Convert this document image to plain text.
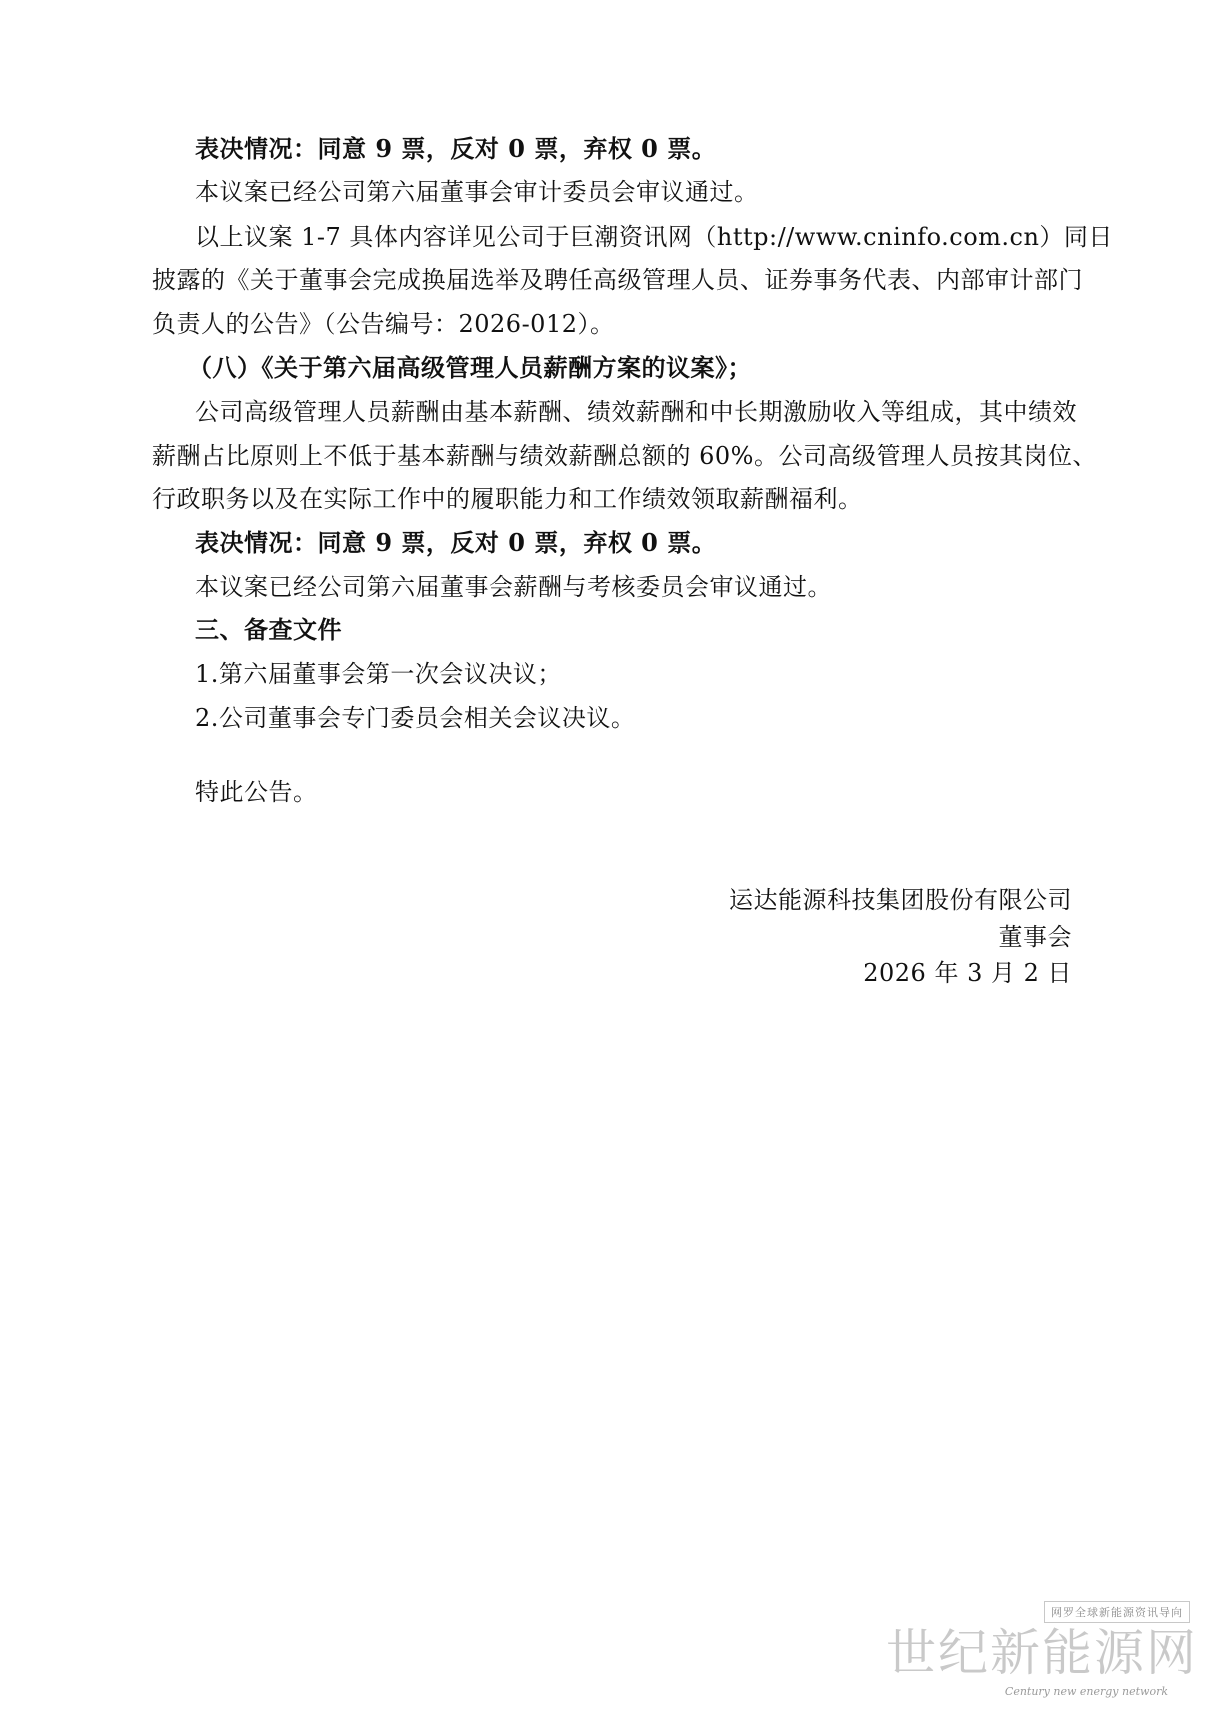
表决情况：同意 9 票，反对 0 票，弃权 0 票。
本议案已经公司第六届董事会审计委员会审议通过。
以上议案 1-7 具体内容详见公司于巨潮资讯网（http://www.cninfo.com.cn）同日
披露的《关于董事会完成换届选举及聘任高级管理人员、证券事务代表、内部审计部门
负责人的公告》（公告编号：2026-012）。
（八）《关于第六届高级管理人员薪酬方案的议案》；
公司高级管理人员薪酬由基本薪酬、绩效薪酬和中长期激励收入等组成，其中绩效
薪酬占比原则上不低于基本薪酬与绩效薪酬总额的 60%。公司高级管理人员按其岗位、
行政职务以及在实际工作中的履职能力和工作绩效领取薪酬福利。
表决情况：同意 9 票，反对 0 票，弃权 0 票。
本议案已经公司第六届董事会薪酬与考核委员会审议通过。
三、备查文件
1.第六届董事会第一次会议决议；
2.公司董事会专门委员会相关会议决议。
特此公告。
运达能源科技集团股份有限公司
董事会
2026 年 3 月 2 日
网罗全球新能源资讯导向
世纪新能源网
Century new energy network
